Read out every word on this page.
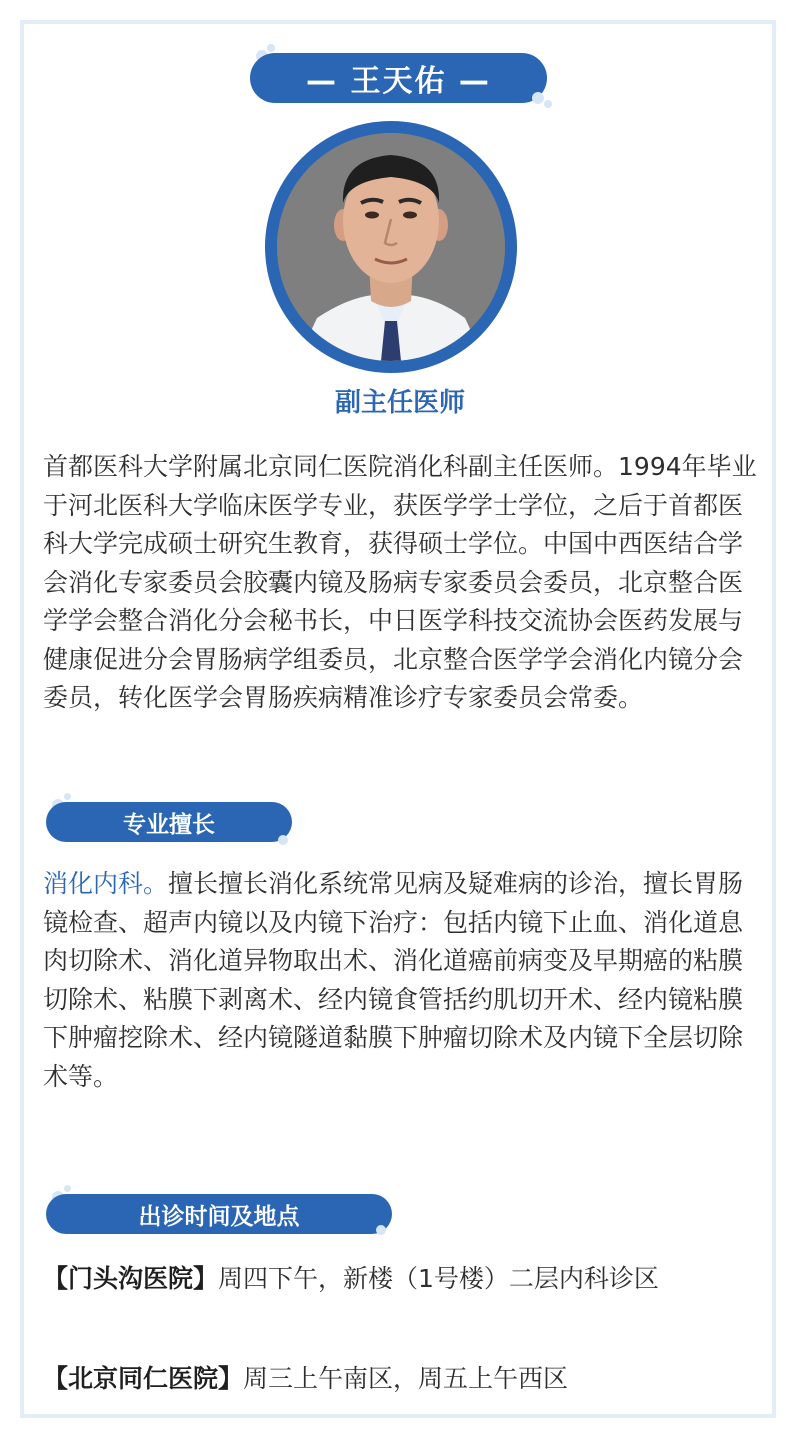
— 王天佑 —
副主任医师

首都医科大学附属北京同仁医院消化科副主任医师。1994年毕业于河北医科大学临床医学专业，获医学学士学位，之后于首都医科大学完成硕士研究生教育，获得硕士学位。中国中西医结合学会消化专家委员会胶囊内镜及肠病专家委员会委员，北京整合医学学会整合消化分会秘书长，中日医学科技交流协会医药发展与健康促进分会胃肠病学组委员，北京整合医学学会消化内镜分会委员，转化医学会胃肠疾病精准诊疗专家委员会常委。

专业擅长

消化内科。擅长擅长消化系统常见病及疑难病的诊治，擅长胃肠镜检查、超声内镜以及内镜下治疗：包括内镜下止血、消化道息肉切除术、消化道异物取出术、消化道癌前病变及早期癌的粘膜切除术、粘膜下剥离术、经内镜食管括约肌切开术、经内镜粘膜下肿瘤挖除术、经内镜隧道黏膜下肿瘤切除术及内镜下全层切除术等。

出诊时间及地点

【门头沟医院】周四下午，新楼（1号楼）二层内科诊区

【北京同仁医院】周三上午南区，周五上午西区
